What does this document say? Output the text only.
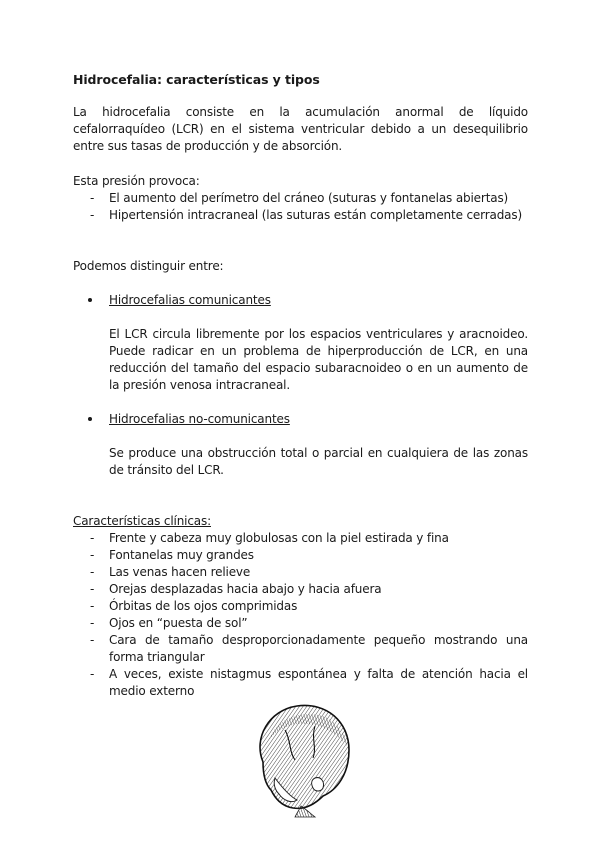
Hidrocefalia: características y tipos
La hidrocefalia consiste en la acumulación anormal de líquido cefalorraquídeo (LCR) en el sistema ventricular debido a un desequilibrio entre sus tasas de producción y de absorción.
Esta presión provoca:
- El aumento del perímetro del cráneo (suturas y fontanelas abiertas)
- Hipertensión intracraneal (las suturas están completamente cerradas)
Podemos distinguir entre:
Hidrocefalias comunicantes
El LCR circula libremente por los espacios ventriculares y aracnoideo. Puede radicar en un problema de hiperproducción de LCR, en una reducción del tamaño del espacio subaracnoideo o en un aumento de la presión venosa intracraneal.
Hidrocefalias no-comunicantes
Se produce una obstrucción total o parcial en cualquiera de las zonas de tránsito del LCR.
Características clínicas:
- Frente y cabeza muy globulosas con la piel estirada y fina
- Fontanelas muy grandes
- Las venas hacen relieve
- Orejas desplazadas hacia abajo y hacia afuera
- Órbitas de los ojos comprimidas
- Ojos en “puesta de sol”
- Cara de tamaño desproporcionadamente pequeño mostrando una forma triangular
- A veces, existe nistagmus espontánea y falta de atención hacia el medio externo
